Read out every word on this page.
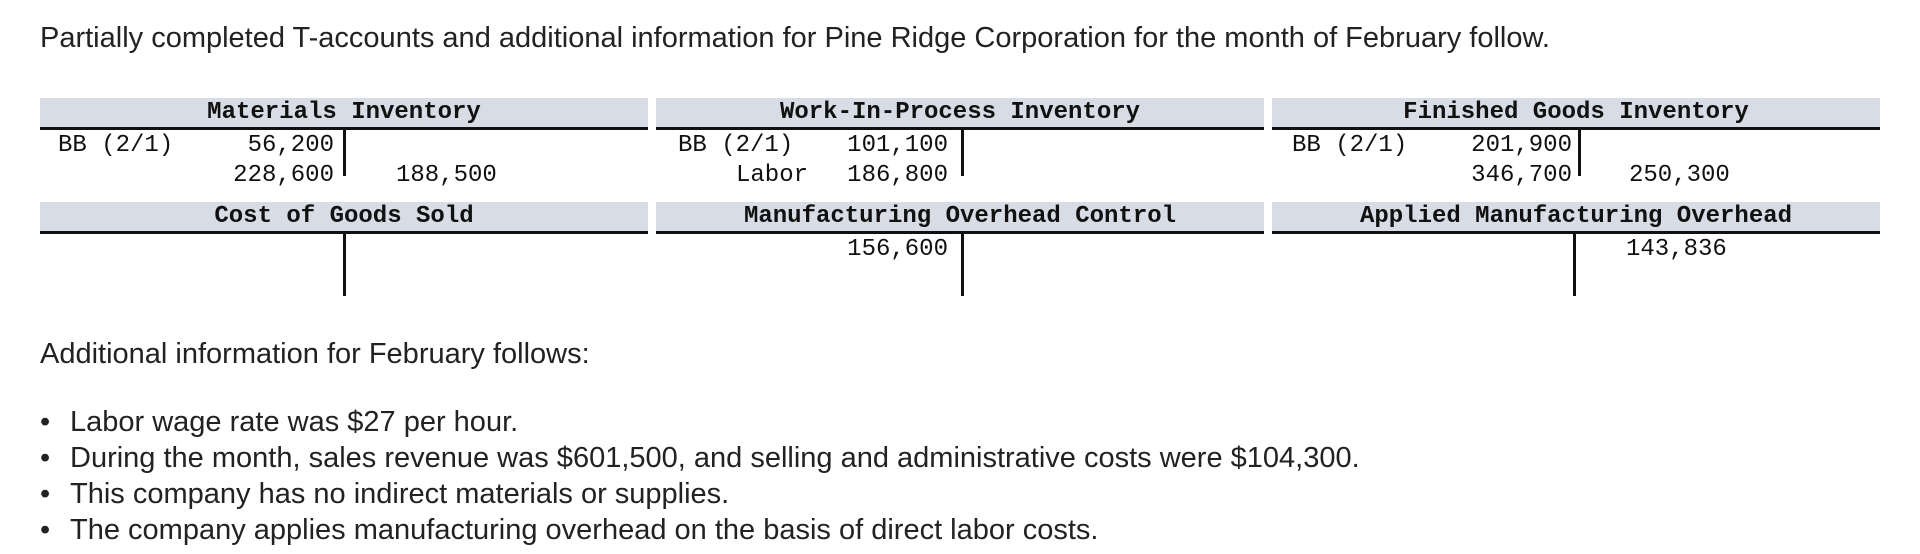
Partially completed T-accounts and additional information for Pine Ridge Corporation for the month of February follow.
Materials Inventory
BB (2/1)	56,200
228,600	188,500
Work-In-Process Inventory
BB (2/1)	101,100
Labor	186,800
Finished Goods Inventory
BB (2/1)	201,900
346,700 250,300
Cost of Goods Sold	Manufacturing Overhead Control
156,600
Applied Manufacturing Overhead
143,836
Additional information for February follows:
• Labor wage rate was $27 per hour.
• During the month, sales revenue was $601,500, and selling and administrative costs were $104,300.
• This company has no indirect materials or supplies.
• The company applies manufacturing overhead on the basis of direct labor costs.
